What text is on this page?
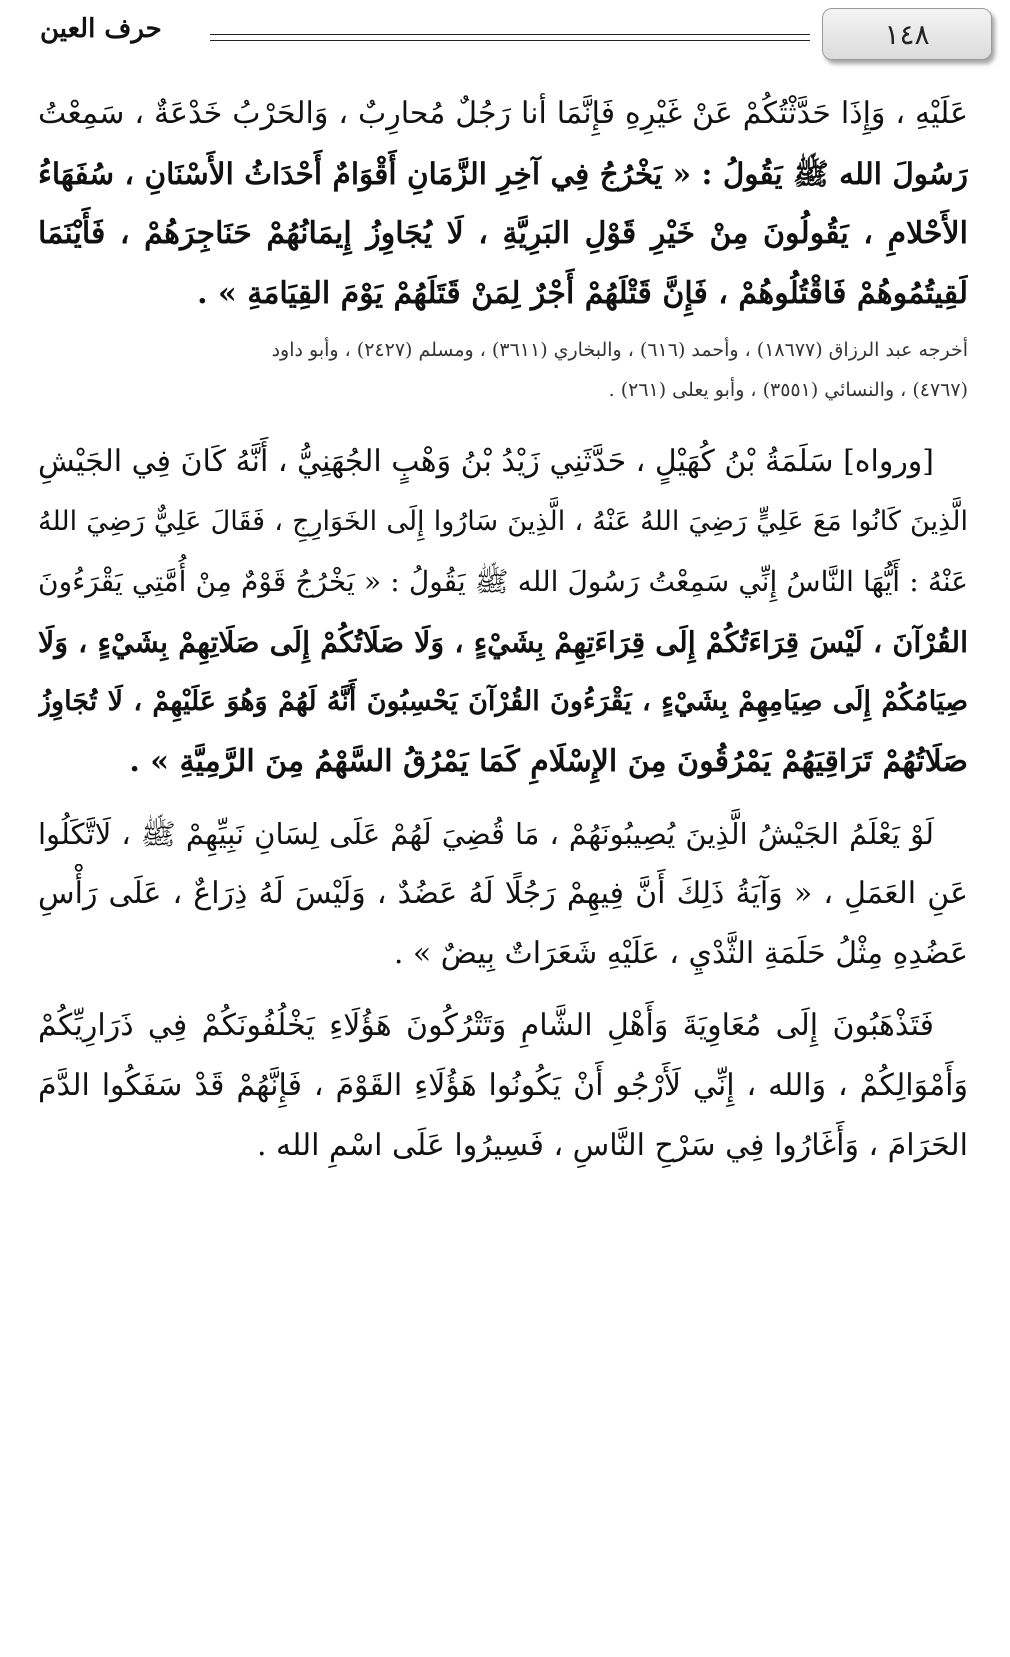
١٤٨
حرف العين

عَلَيْهِ ، وَإِذَا حَدَّثْتُكُمْ عَنْ غَيْرِهِ فَإِنَّمَا أنا رَجُلٌ مُحارِبٌ ، وَالحَرْبُ خَدْعَةٌ ، سَمِعْتُ
رَسُولَ الله ﷺ يَقُولُ : « يَخْرُجُ فِي آخِرِ الزَّمَانِ أَقْوَامٌ أَحْدَاثُ الأَسْنَانِ ، سُفَهَاءُ
الأَحْلامِ ، يَقُولُونَ مِنْ خَيْرِ قَوْلِ البَرِيَّةِ ، لَا يُجَاوِزُ إِيمَانُهُمْ حَنَاجِرَهُمْ ، فَأَيْنَمَا
لَقِيتُمُوهُمْ فَاقْتُلُوهُمْ ، فَإِنَّ قَتْلَهُمْ أَجْرٌ لِمَنْ قَتَلَهُمْ يَوْمَ القِيَامَةِ » .

أخرجه عبد الرزاق (١٨٦٧٧) ، وأحمد (٦١٦) ، والبخاري (٣٦١١) ، ومسلم (٢٤٢٧) ، وأبو داود
(٤٧٦٧) ، والنسائي (٣٥٥١) ، وأبو يعلى (٢٦١) .

[ورواه] سَلَمَةُ بْنُ كُهَيْلٍ ، حَدَّثَنِي زَيْدُ بْنُ وَهْبٍ الجُهَنِيُّ ، أَنَّهُ كَانَ فِي الجَيْشِ
الَّذِينَ كَانُوا مَعَ عَلِيٍّ رَضِيَ اللهُ عَنْهُ ، الَّذِينَ سَارُوا إِلَى الخَوَارِجِ ، فَقَالَ عَلِيٌّ رَضِيَ اللهُ
عَنْهُ : أَيُّهَا النَّاسُ إِنِّي سَمِعْتُ رَسُولَ الله ﷺ يَقُولُ : « يَخْرُجُ قَوْمٌ مِنْ أُمَّتِي يَقْرَءُونَ
القُرْآنَ ، لَيْسَ قِرَاءَتُكُمْ إِلَى قِرَاءَتِهِمْ بِشَيْءٍ ، وَلَا صَلَاتُكُمْ إِلَى صَلَاتِهِمْ بِشَيْءٍ ، وَلَا
صِيَامُكُمْ إِلَى صِيَامِهِمْ بِشَيْءٍ ، يَقْرَءُونَ القُرْآنَ يَحْسِبُونَ أَنَّهُ لَهُمْ وَهُوَ عَلَيْهِمْ ، لَا تُجَاوِزُ
صَلَاتُهُمْ تَرَاقِيَهُمْ يَمْرُقُونَ مِنَ الإِسْلَامِ كَمَا يَمْرُقُ السَّهْمُ مِنَ الرَّمِيَّةِ » .

لَوْ يَعْلَمُ الجَيْشُ الَّذِينَ يُصِيبُونَهُمْ ، مَا قُضِيَ لَهُمْ عَلَى لِسَانِ نَبِيِّهِمْ ﷺ ، لَاتَّكَلُوا
عَنِ العَمَلِ ، « وَآيَةُ ذَلِكَ أَنَّ فِيهِمْ رَجُلًا لَهُ عَضُدٌ ، وَلَيْسَ لَهُ ذِرَاعٌ ، عَلَى رَأْسِ
عَضُدِهِ مِثْلُ حَلَمَةِ الثَّدْيِ ، عَلَيْهِ شَعَرَاتٌ بِيضٌ » .

فَتَذْهَبُونَ إِلَى مُعَاوِيَةَ وَأَهْلِ الشَّامِ وَتَتْرُكُونَ هَؤُلَاءِ يَخْلُفُونَكُمْ فِي ذَرَارِيِّكُمْ
وَأَمْوَالِكُمْ ، وَالله ، إِنِّي لَأَرْجُو أَنْ يَكُونُوا هَؤُلَاءِ القَوْمَ ، فَإِنَّهُمْ قَدْ سَفَكُوا الدَّمَ
الحَرَامَ ، وَأَغَارُوا فِي سَرْحِ النَّاسِ ، فَسِيرُوا عَلَى اسْمِ الله .
